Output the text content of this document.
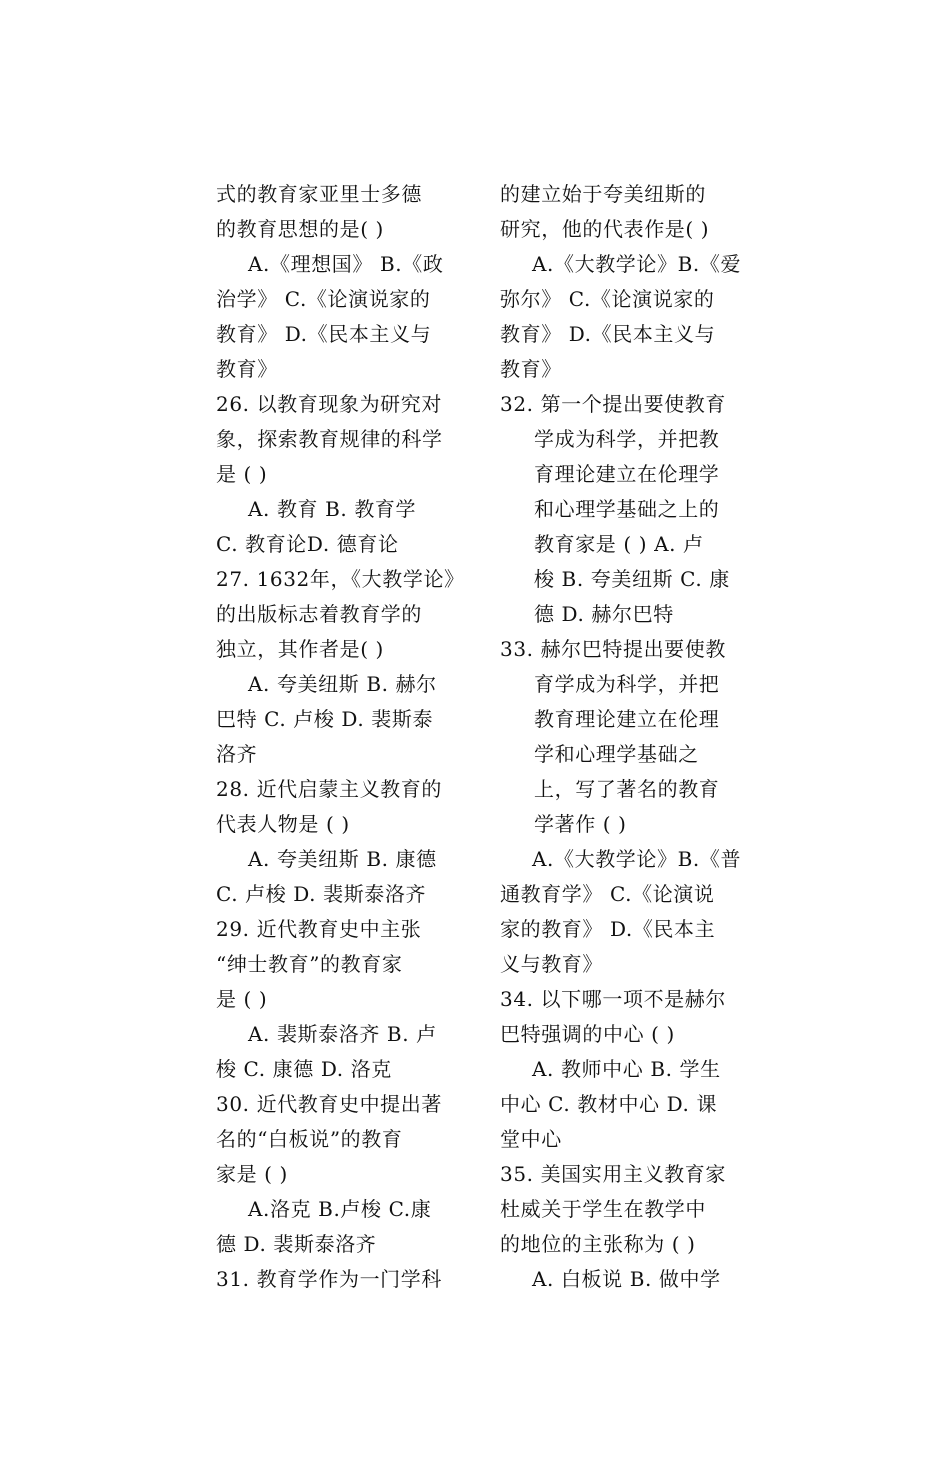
式的教育家亚里士多德
的教育思想的是( )
A.《理想国》 B.《政
治学》 C.《论演说家的
教育》 D.《民本主义与
教育》
26. 以教育现象为研究对
象，探索教育规律的科学
是 ( )
A. 教育 B. 教育学
C. 教育论D. 德育论
27. 1632年，《大教学论》
的出版标志着教育学的
独立，其作者是( )
A. 夸美纽斯 B. 赫尔
巴特 C. 卢梭 D. 裴斯泰
洛齐
28. 近代启蒙主义教育的
代表人物是 ( )
A. 夸美纽斯 B. 康德
C. 卢梭 D. 裴斯泰洛齐
29. 近代教育史中主张
“绅士教育”的教育家
是 ( )
A. 裴斯泰洛齐 B. 卢
梭 C. 康德 D. 洛克
30. 近代教育史中提出著
名的“白板说”的教育
家是 ( )
A.洛克 B.卢梭 C.康
德 D. 裴斯泰洛齐
31. 教育学作为一门学科
的建立始于夸美纽斯的
研究，他的代表作是( )
A.《大教学论》B.《爱
弥尔》 C.《论演说家的
教育》 D.《民本主义与
教育》
32. 第一个提出要使教育
学成为科学，并把教
育理论建立在伦理学
和心理学基础之上的
教育家是 ( ) A. 卢
梭 B. 夸美纽斯 C. 康
德 D. 赫尔巴特
33. 赫尔巴特提出要使教
育学成为科学，并把
教育理论建立在伦理
学和心理学基础之
上，写了著名的教育
学著作 ( )
A.《大教学论》B.《普
通教育学》 C.《论演说
家的教育》 D.《民本主
义与教育》
34. 以下哪一项不是赫尔
巴特强调的中心 ( )
A. 教师中心 B. 学生
中心 C. 教材中心 D. 课
堂中心
35. 美国实用主义教育家
杜威关于学生在教学中
的地位的主张称为 ( )
A. 白板说 B. 做中学
